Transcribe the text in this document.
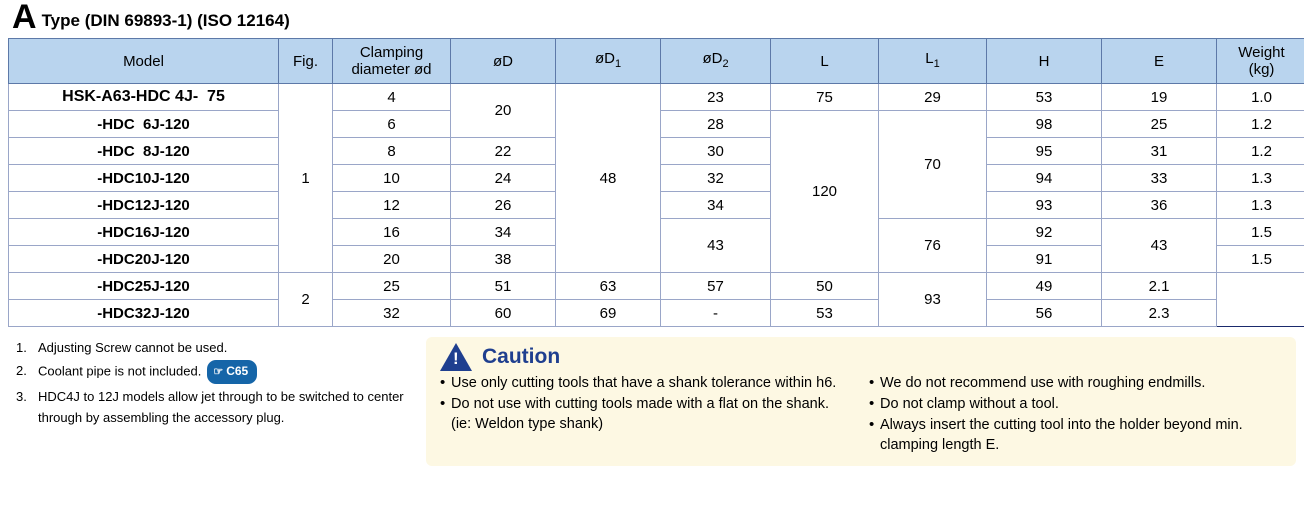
A Type (DIN 69893-1) (ISO 12164)
Model	Fig.	Clamping
diameter ød	øD	$øD_1$	$øD_2$	L	$L_1$	H	E	Weight
(kg)
HSK-A63-HDC 4J-  75	1	4	20	48	23	75	29	53	19	1.0
-HDC  6J-120		6			28	120	70	98	25	1.2
-HDC  8J-120		8	22		30			95	31	1.2
-HDC10J-120		10	24		32			94	33	1.3
-HDC12J-120		12	26		34			93	36	1.3
-HDC16J-120		16	34		43		76	92	43	1.5
-HDC20J-120		20	38					91		1.5
-HDC25J-120	2	25	51	63	57	50	93	49	2.1	
-HDC32J-120		32	60	69	-	53		56	2.3	
1. Adjusting Screw cannot be used.
2. Coolant pipe is not included. ☞ C65
3. HDC4J to 12J models allow jet through to be switched to center through by assembling the accessory plug.
!
Caution
• Use only cutting tools that have a shank tolerance within h6.
• Do not use with cutting tools made with a flat on the shank. (ie: Weldon type shank)
• We do not recommend use with roughing endmills.
• Do not clamp without a tool.
• Always insert the cutting tool into the holder beyond min. clamping length E.
